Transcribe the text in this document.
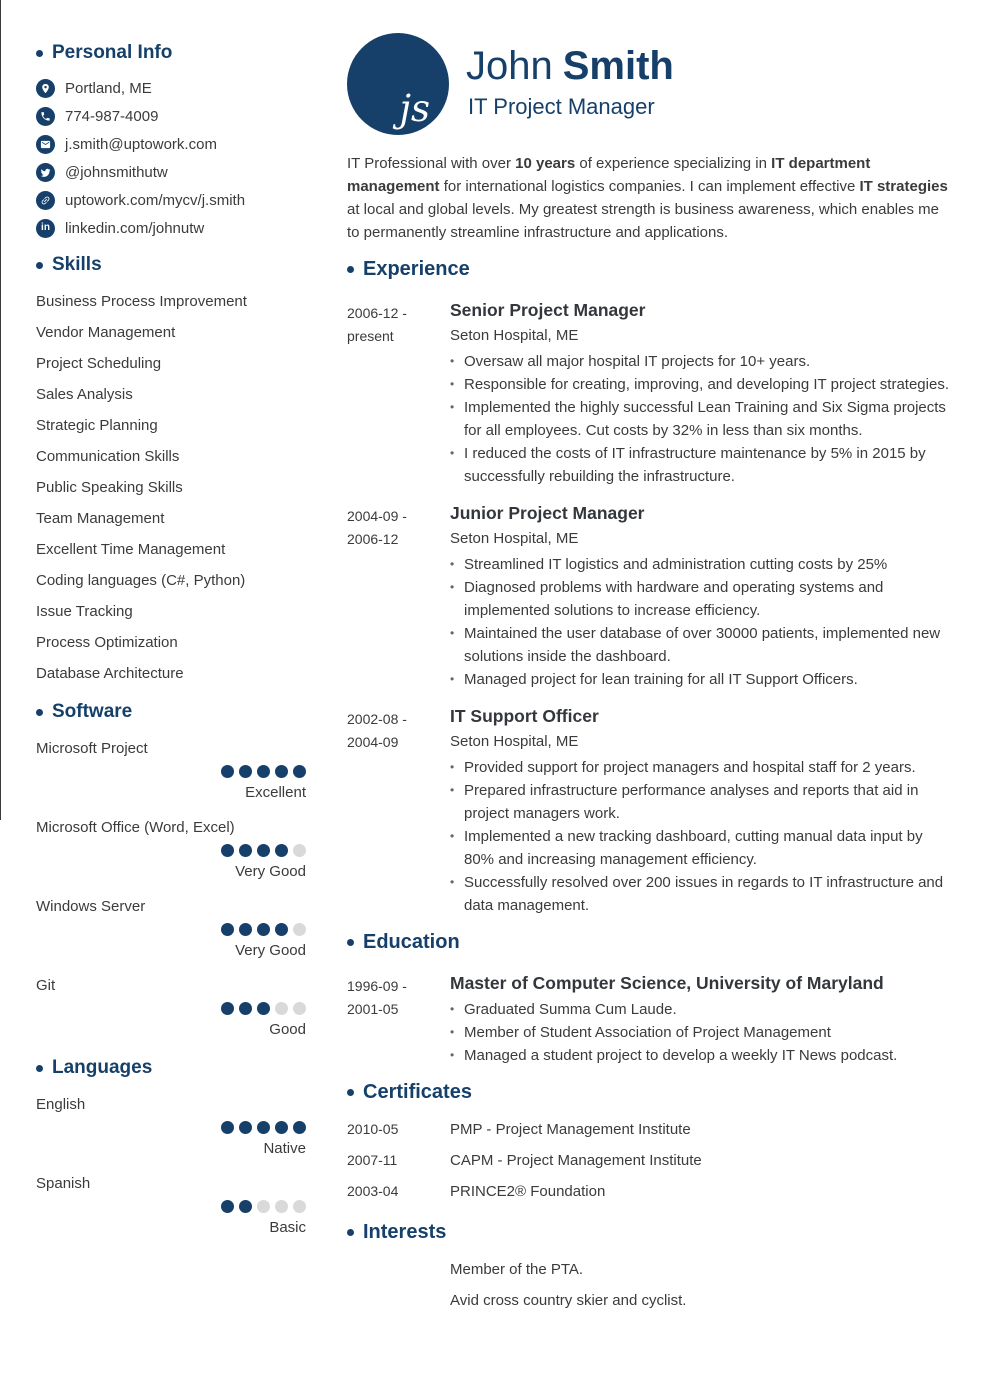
Personal Info
Portland, ME
774-987-4009
j.smith@uptowork.com
@johnsmithutw
uptowork.com/mycv/j.smith
in linkedin.com/johnutw
Skills
Business Process Improvement
Vendor Management
Project Scheduling
Sales Analysis
Strategic Planning
Communication Skills
Public Speaking Skills
Team Management
Excellent Time Management
Coding languages (C#, Python)
Issue Tracking
Process Optimization
Database Architecture
Software
Microsoft Project
Excellent
Microsoft Office (Word, Excel)
Very Good
Windows Server
Very Good
Git
Good
Languages
English
Native
Spanish
Basic
js
John Smith
IT Project Manager
IT Professional with over 10 years of experience specializing in IT department management for international logistics companies. I can implement effective IT strategies at local and global levels. My greatest strength is business awareness, which enables me to permanently streamline infrastructure and applications.
Experience
2006-12 -
present
Senior Project Manager
Seton Hospital, ME
• Oversaw all major hospital IT projects for 10+ years.
• Responsible for creating, improving, and developing IT project strategies.
• Implemented the highly successful Lean Training and Six Sigma projects for all employees. Cut costs by 32% in less than six months.
• I reduced the costs of IT infrastructure maintenance by 5% in 2015 by successfully rebuilding the infrastructure.
2004-09 -
2006-12
Junior Project Manager
Seton Hospital, ME
• Streamlined IT logistics and administration cutting costs by 25%
• Diagnosed problems with hardware and operating systems and implemented solutions to increase efficiency.
• Maintained the user database of over 30000 patients, implemented new solutions inside the dashboard.
• Managed project for lean training for all IT Support Officers.
2002-08 -
2004-09
IT Support Officer
Seton Hospital, ME
• Provided support for project managers and hospital staff for 2 years.
• Prepared infrastructure performance analyses and reports that aid in project managers work.
• Implemented a new tracking dashboard, cutting manual data input by 80% and increasing management efficiency.
• Successfully resolved over 200 issues in regards to IT infrastructure and data management.
Education
1996-09 -
2001-05
Master of Computer Science, University of Maryland
• Graduated Summa Cum Laude.
• Member of Student Association of Project Management
• Managed a student project to develop a weekly IT News podcast.
Certificates
2010-05	PMP - Project Management Institute
2007-11	CAPM - Project Management Institute
2003-04	PRINCE2® Foundation
Interests
Member of the PTA.
Avid cross country skier and cyclist.
